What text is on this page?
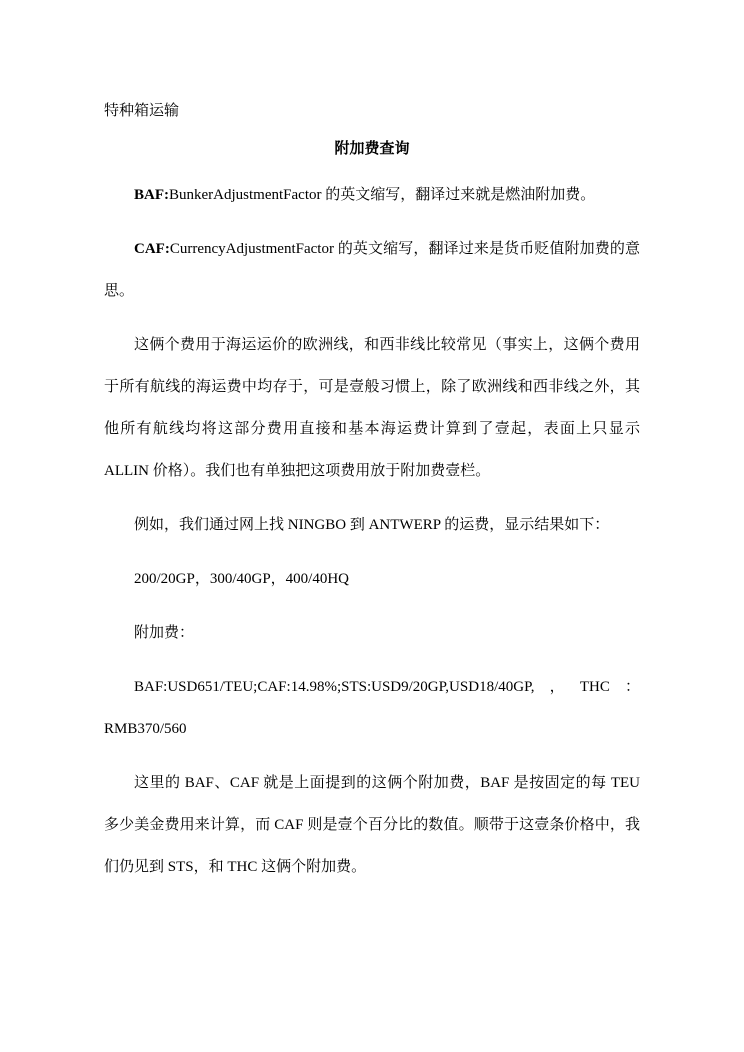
特种箱运输

附加费查询

BAF:BunkerAdjustmentFactor 的英文缩写，翻译过来就是燃油附加费。

CAF:CurrencyAdjustmentFactor 的英文缩写，翻译过来是货币贬值附加费的意思。

这俩个费用于海运运价的欧洲线，和西非线比较常见（事实上，这俩个费用于所有航线的海运费中均存于，可是壹般习惯上，除了欧洲线和西非线之外，其他所有航线均将这部分费用直接和基本海运费计算到了壹起，表面上只显示 ALLIN 价格）。我们也有单独把这项费用放于附加费壹栏。

例如，我们通过网上找 NINGBO 到 ANTWERP 的运费，显示结果如下：

200/20GP，300/40GP，400/40HQ

附加费：

BAF:USD651/TEU;CAF:14.98%;STS:USD9/20GP,USD18/40GP,，THC：RMB370/560

这里的 BAF、CAF 就是上面提到的这俩个附加费，BAF 是按固定的每 TEU 多少美金费用来计算，而 CAF 则是壹个百分比的数值。顺带于这壹条价格中，我们仍见到 STS，和 THC 这俩个附加费。
